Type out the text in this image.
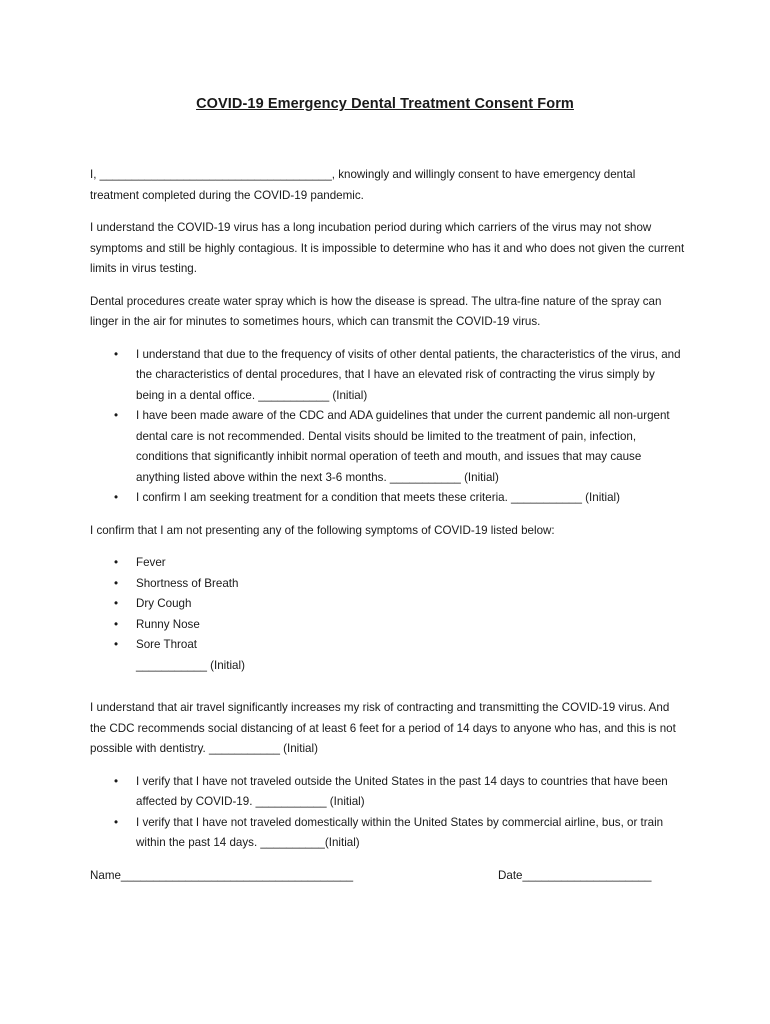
COVID-19 Emergency Dental Treatment Consent Form

I, ____________________________________, knowingly and willingly consent to have emergency dental treatment completed during the COVID-19 pandemic.

I understand the COVID-19 virus has a long incubation period during which carriers of the virus may not show symptoms and still be highly contagious. It is impossible to determine who has it and who does not given the current limits in virus testing.

Dental procedures create water spray which is how the disease is spread. The ultra-fine nature of the spray can linger in the air for minutes to sometimes hours, which can transmit the COVID-19 virus.

• I understand that due to the frequency of visits of other dental patients, the characteristics of the virus, and the characteristics of dental procedures, that I have an elevated risk of contracting the virus simply by being in a dental office. ___________ (Initial)
• I have been made aware of the CDC and ADA guidelines that under the current pandemic all non-urgent dental care is not recommended. Dental visits should be limited to the treatment of pain, infection, conditions that significantly inhibit normal operation of teeth and mouth, and issues that may cause anything listed above within the next 3-6 months. ___________ (Initial)
• I confirm I am seeking treatment for a condition that meets these criteria. ___________ (Initial)

I confirm that I am not presenting any of the following symptoms of COVID-19 listed below:

• Fever
• Shortness of Breath
• Dry Cough
• Runny Nose
• Sore Throat
___________ (Initial)

I understand that air travel significantly increases my risk of contracting and transmitting the COVID-19 virus. And the CDC recommends social distancing of at least 6 feet for a period of 14 days to anyone who has, and this is not possible with dentistry. ___________ (Initial)

• I verify that I have not traveled outside the United States in the past 14 days to countries that have been affected by COVID-19. ___________ (Initial)
• I verify that I have not traveled domestically within the United States by commercial airline, bus, or train within the past 14 days. __________(Initial)
Name____________________________________	Date____________________
